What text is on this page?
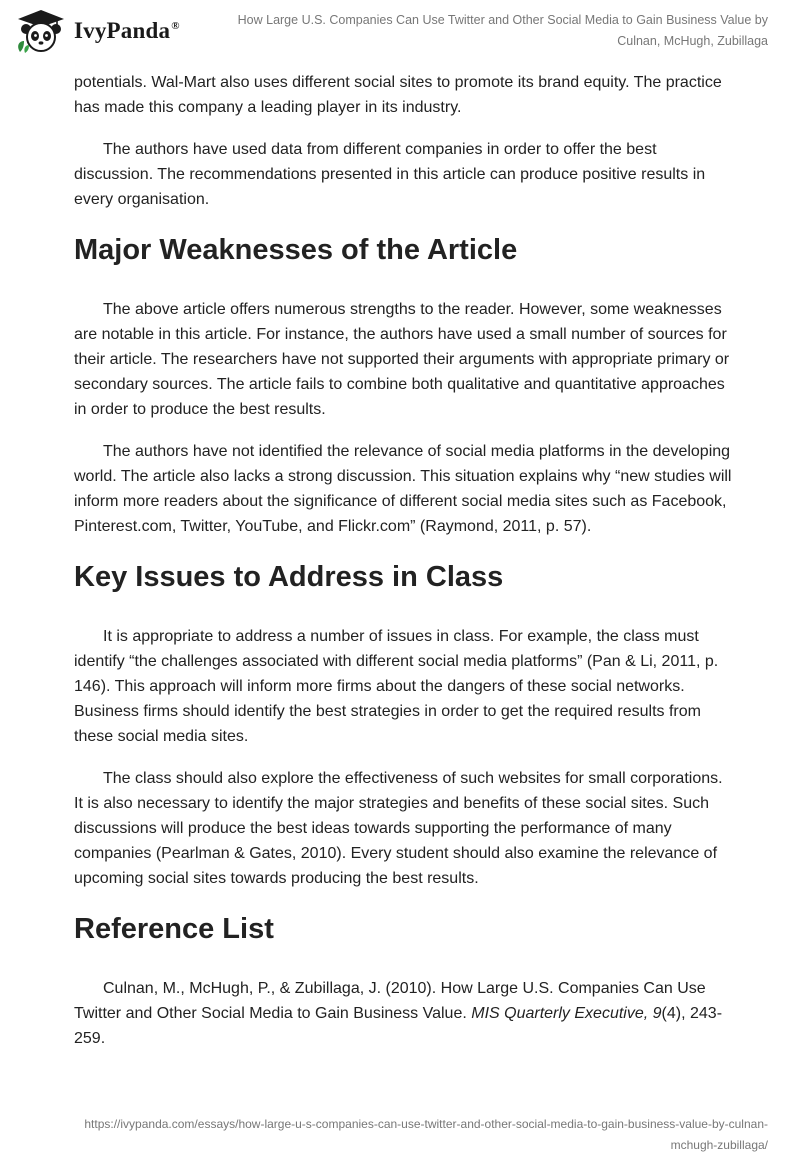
IvyPanda®	How Large U.S. Companies Can Use Twitter and Other Social Media to Gain Business Value by
Culnan, McHugh, Zubillaga

potentials. Wal-Mart also uses different social sites to promote its brand equity. The practice has made this company a leading player in its industry.

The authors have used data from different companies in order to offer the best discussion. The recommendations presented in this article can produce positive results in every organisation.

Major Weaknesses of the Article

The above article offers numerous strengths to the reader. However, some weaknesses are notable in this article. For instance, the authors have used a small number of sources for their article. The researchers have not supported their arguments with appropriate primary or secondary sources. The article fails to combine both qualitative and quantitative approaches in order to produce the best results.

The authors have not identified the relevance of social media platforms in the developing world. The article also lacks a strong discussion. This situation explains why “new studies will inform more readers about the significance of different social media sites such as Facebook, Pinterest.com, Twitter, YouTube, and Flickr.com” (Raymond, 2011, p. 57).

Key Issues to Address in Class

It is appropriate to address a number of issues in class. For example, the class must identify “the challenges associated with different social media platforms” (Pan & Li, 2011, p. 146). This approach will inform more firms about the dangers of these social networks. Business firms should identify the best strategies in order to get the required results from these social media sites.

The class should also explore the effectiveness of such websites for small corporations. It is also necessary to identify the major strategies and benefits of these social sites. Such discussions will produce the best ideas towards supporting the performance of many companies (Pearlman & Gates, 2010). Every student should also examine the relevance of upcoming social sites towards producing the best results.

Reference List

Culnan, M., McHugh, P., & Zubillaga, J. (2010). How Large U.S. Companies Can Use Twitter and Other Social Media to Gain Business Value. MIS Quarterly Executive, 9(4), 243-259.

https://ivypanda.com/essays/how-large-u-s-companies-can-use-twitter-and-other-social-media-to-gain-business-value-by-culnan-
mchugh-zubillaga/
